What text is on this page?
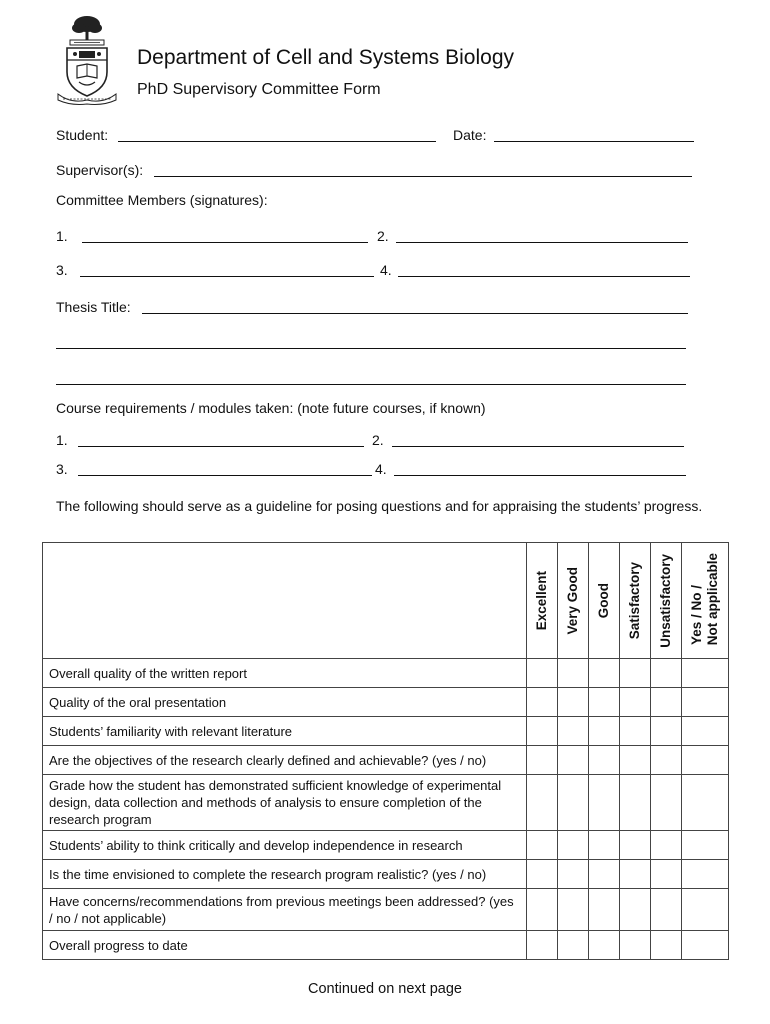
Department of Cell and Systems Biology
PhD Supervisory Committee Form
Student:	Date:
Supervisor(s):
Committee Members (signatures):
1.	2.
3.	4.
Thesis Title:
Course requirements / modules taken: (note future courses, if known)
1.	2.
3.	4.
The following should serve as a guideline for posing questions and for appraising the students’ progress.

	Excellent	Very Good	Good	Satisfactory	Unsatisfactory	Yes / No /Not applicable
Overall quality of the written report						
Quality of the oral presentation						
Students’ familiarity with relevant literature						
Are the objectives of the research clearly defined and achievable? (yes / no)						
Grade how the student has demonstrated sufficient knowledge of experimental design, data collection and methods of analysis to ensure completion of the research program						
Students’ ability to think critically and develop independence in research						
Is the time envisioned to complete the research program realistic? (yes / no)						
Have concerns/recommendations from previous meetings been addressed? (yes / no / not applicable)						
Overall progress to date						
Continued on next page
